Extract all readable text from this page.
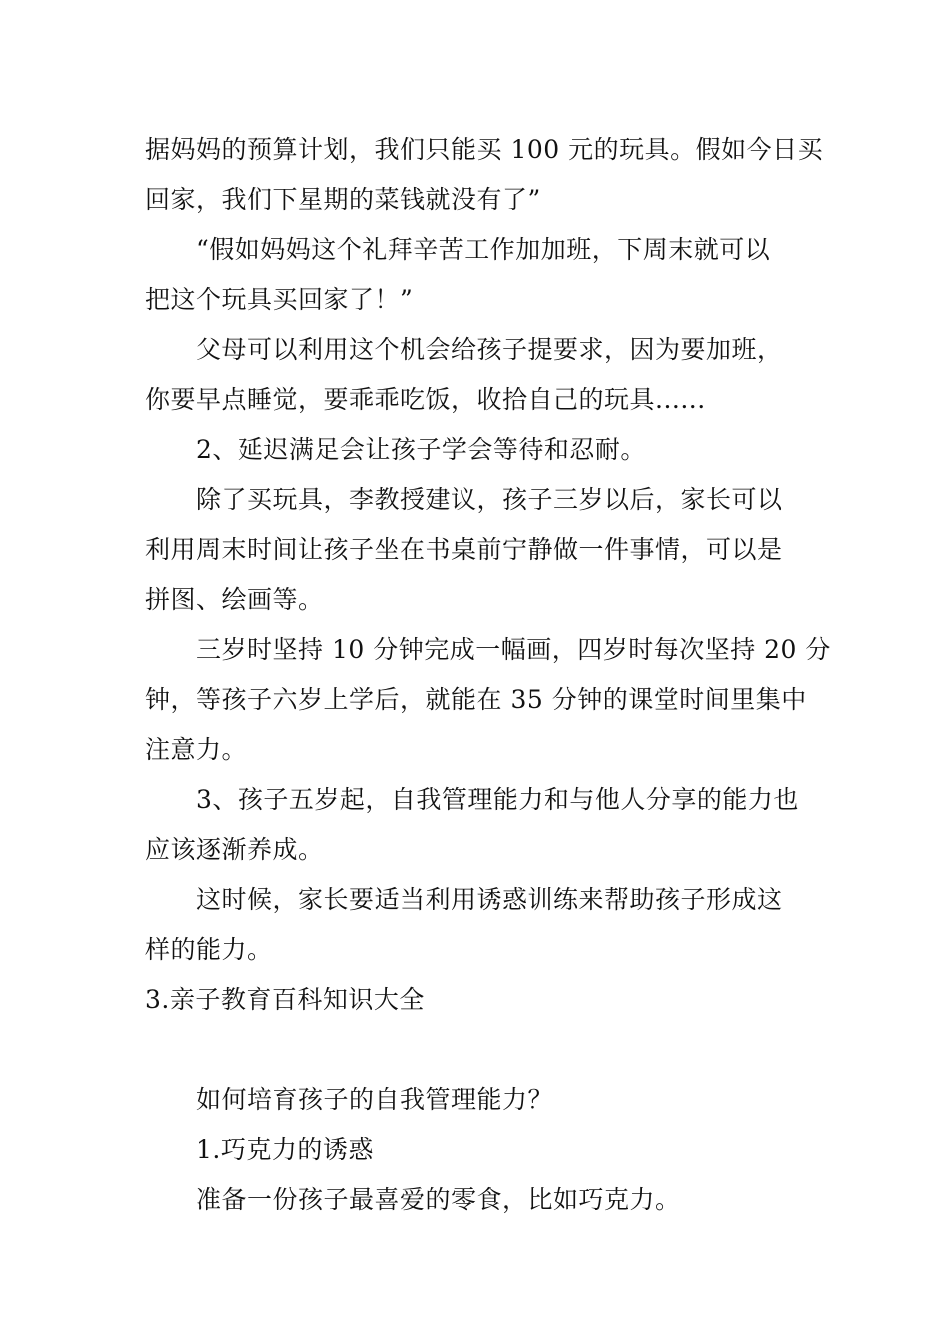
据妈妈的预算计划，我们只能买 100 元的玩具。假如今日买
回家，我们下星期的菜钱就没有了”
“假如妈妈这个礼拜辛苦工作加加班，下周末就可以
把这个玩具买回家了！”
父母可以利用这个机会给孩子提要求，因为要加班，
你要早点睡觉，要乖乖吃饭，收拾自己的玩具......
2、延迟满足会让孩子学会等待和忍耐。
除了买玩具，李教授建议，孩子三岁以后，家长可以
利用周末时间让孩子坐在书桌前宁静做一件事情，可以是
拼图、绘画等。
三岁时坚持 10 分钟完成一幅画，四岁时每次坚持 20 分
钟，等孩子六岁上学后，就能在 35 分钟的课堂时间里集中
注意力。
3、孩子五岁起，自我管理能力和与他人分享的能力也
应该逐渐养成。
这时候，家长要适当利用诱惑训练来帮助孩子形成这
样的能力。
3.亲子教育百科知识大全
如何培育孩子的自我管理能力？
1.巧克力的诱惑
准备一份孩子最喜爱的零食，比如巧克力。
